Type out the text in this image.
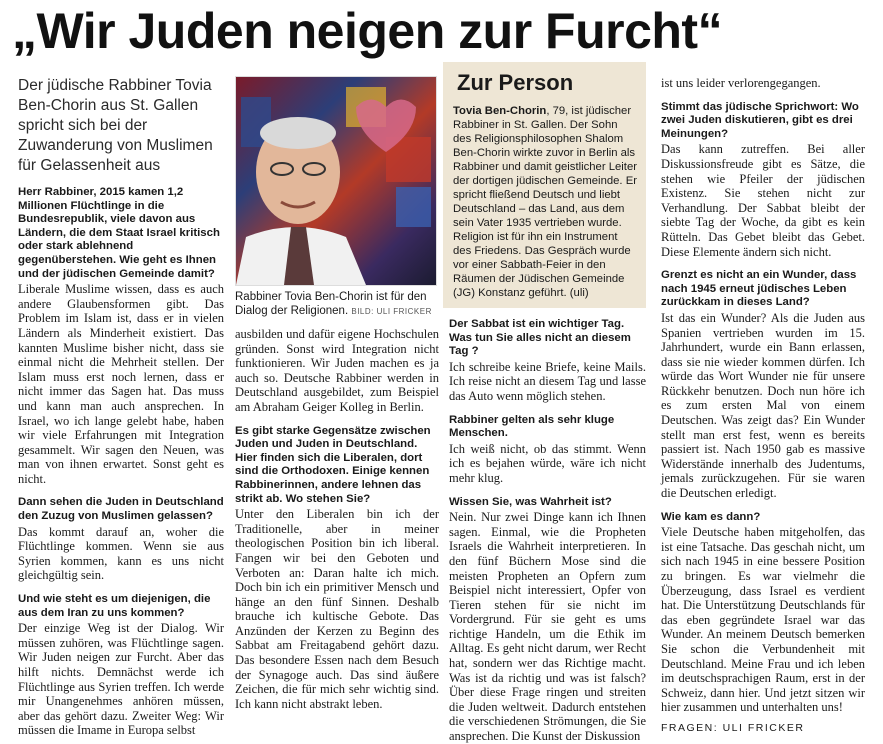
„Wir Juden neigen zur Furcht“

Der jüdische Rabbiner Tovia Ben-Chorin aus St. Gallen spricht sich bei der Zuwanderung von Muslimen für Gelassenheit aus

Herr Rabbiner, 2015 kamen 1,2 Millionen Flüchtlinge in die Bundesrepublik, viele davon aus Ländern, die dem Staat Israel kritisch oder stark ablehnend gegenüberstehen. Wie geht es Ihnen und der jüdischen Gemeinde damit?

Liberale Muslime wissen, dass es auch andere Glaubensformen gibt. Das Problem im Islam ist, dass er in vielen Ländern als Minderheit existiert. Das kannten Muslime bisher nicht, dass sie einmal nicht die Mehrheit stellen. Der Islam muss erst noch lernen, dass er nicht immer das Sagen hat. Das muss und kann man auch ansprechen. In Israel, wo ich lange gelebt habe, haben wir viele Erfahrungen mit Integration gesammelt. Wir sagen den Neuen, was man von ihnen erwartet. Sonst geht es nicht.

Dann sehen die Juden in Deutschland den Zuzug von Muslimen gelassen?

Das kommt darauf an, woher die Flüchtlinge kommen. Wenn sie aus Syrien kommen, kann es uns nicht gleichgültig sein.

Und wie steht es um diejenigen, die aus dem Iran zu uns kommen?

Der einzige Weg ist der Dialog. Wir müssen zuhören, was Flüchtlinge sagen. Wir Juden neigen zur Furcht. Aber das hilft nichts. Demnächst werde ich Flüchtlinge aus Syrien treffen. Ich werde mir Unangenehmes anhören müssen, aber das gehört dazu. Zweiter Weg: Wir müssen die Imame in Europa selbst

Rabbiner Tovia Ben-Chorin ist für den Dialog der Religionen. BILD: ULI FRICKER

ausbilden und dafür eigene Hochschulen gründen. Sonst wird Integration nicht funktionieren. Wir Juden machen es ja auch so. Deutsche Rabbiner werden in Deutschland ausgebildet, zum Beispiel am Abraham Geiger Kolleg in Berlin.

Es gibt starke Gegensätze zwischen Juden und Juden in Deutschland. Hier finden sich die Liberalen, dort sind die Orthodoxen. Einige kennen Rabbinerinnen, andere lehnen das strikt ab. Wo stehen Sie?

Unter den Liberalen bin ich der Traditionelle, aber in meiner theologischen Position bin ich liberal. Fangen wir bei den Geboten und Verboten an: Daran halte ich mich. Doch bin ich ein primitiver Mensch und hänge an den fünf Sinnen. Deshalb brauche ich kultische Gebote. Das Anzünden der Kerzen zu Beginn des Sabbat am Freitagabend gehört dazu. Das besondere Essen nach dem Besuch der Synagoge auch. Das sind äußere Zeichen, die für mich sehr wichtig sind. Ich kann nicht abstrakt leben.

Zur Person
Tovia Ben-Chorin, 79, ist jüdischer Rabbiner in St. Gallen. Der Sohn des Religionsphilosophen Shalom Ben-Chorin wirkte zuvor in Berlin als Rabbiner und damit geistlicher Leiter der dortigen jüdischen Gemeinde. Er spricht fließend Deutsch und liebt Deutschland – das Land, aus dem sein Vater 1935 vertrieben wurde. Religion ist für ihn ein Instrument des Friedens. Das Gespräch wurde vor einer Sabbath-Feier in den Räumen der Jüdischen Gemeinde (JG) Konstanz geführt. (uli)

Der Sabbat ist ein wichtiger Tag. Was tun Sie alles nicht an diesem Tag ?

Ich schreibe keine Briefe, keine Mails. Ich reise nicht an diesem Tag und lasse das Auto wenn möglich stehen.

Rabbiner gelten als sehr kluge Menschen.

Ich weiß nicht, ob das stimmt. Wenn ich es bejahen würde, wäre ich nicht mehr klug.

Wissen Sie, was Wahrheit ist?

Nein. Nur zwei Dinge kann ich Ihnen sagen. Einmal, wie die Propheten Israels die Wahrheit interpretieren. In den fünf Büchern Mose sind die meisten Propheten an Opfern zum Beispiel nicht interessiert, Opfer von Tieren stehen für sie nicht im Vordergrund. Für sie geht es ums richtige Handeln, um die Ethik im Alltag. Es geht nicht darum, wer Recht hat, sondern wer das Richtige macht. Was ist da richtig und was ist falsch? Über diese Frage ringen und streiten die Juden weltweit. Dadurch entstehen die verschiedenen Strömungen, die Sie ansprechen. Die Kunst der Diskussion

ist uns leider verlorengegangen.

Stimmt das jüdische Sprichwort: Wo zwei Juden diskutieren, gibt es drei Meinungen?

Das kann zutreffen. Bei aller Diskussionsfreude gibt es Sätze, die stehen wie Pfeiler der jüdischen Existenz. Sie stehen nicht zur Verhandlung. Der Sabbat bleibt der siebte Tag der Woche, da gibt es kein Rütteln. Das Gebet bleibt das Gebet. Diese Elemente ändern sich nicht.

Grenzt es nicht an ein Wunder, dass nach 1945 erneut jüdisches Leben zurückkam in dieses Land?

Ist das ein Wunder? Als die Juden aus Spanien vertrieben wurden im 15. Jahrhundert, wurde ein Bann erlassen, dass sie nie wieder kommen dürfen. Ich würde das Wort Wunder nie für unsere Rückkehr benutzen. Doch nun höre ich es zum ersten Mal von einem Deutschen. Was zeigt das? Ein Wunder stellt man erst fest, wenn es bereits passiert ist. Nach 1950 gab es massive Widerstände innerhalb des Judentums, jemals zurückzugehen. Für sie waren die Deutschen erledigt.

Wie kam es dann?

Viele Deutsche haben mitgeholfen, das ist eine Tatsache. Das geschah nicht, um sich nach 1945 in eine bessere Position zu bringen. Es war vielmehr die Überzeugung, dass Israel es verdient hat. Die Unterstützung Deutschlands für das eben gegründete Israel war das Wunder. An meinem Deutsch bemerken Sie schon die Verbundenheit mit Deutschland. Meine Frau und ich leben im deutschsprachigen Raum, erst in der Schweiz, dann hier. Und jetzt sitzen wir hier zusammen und unterhalten uns!

FRAGEN: ULI FRICKER
